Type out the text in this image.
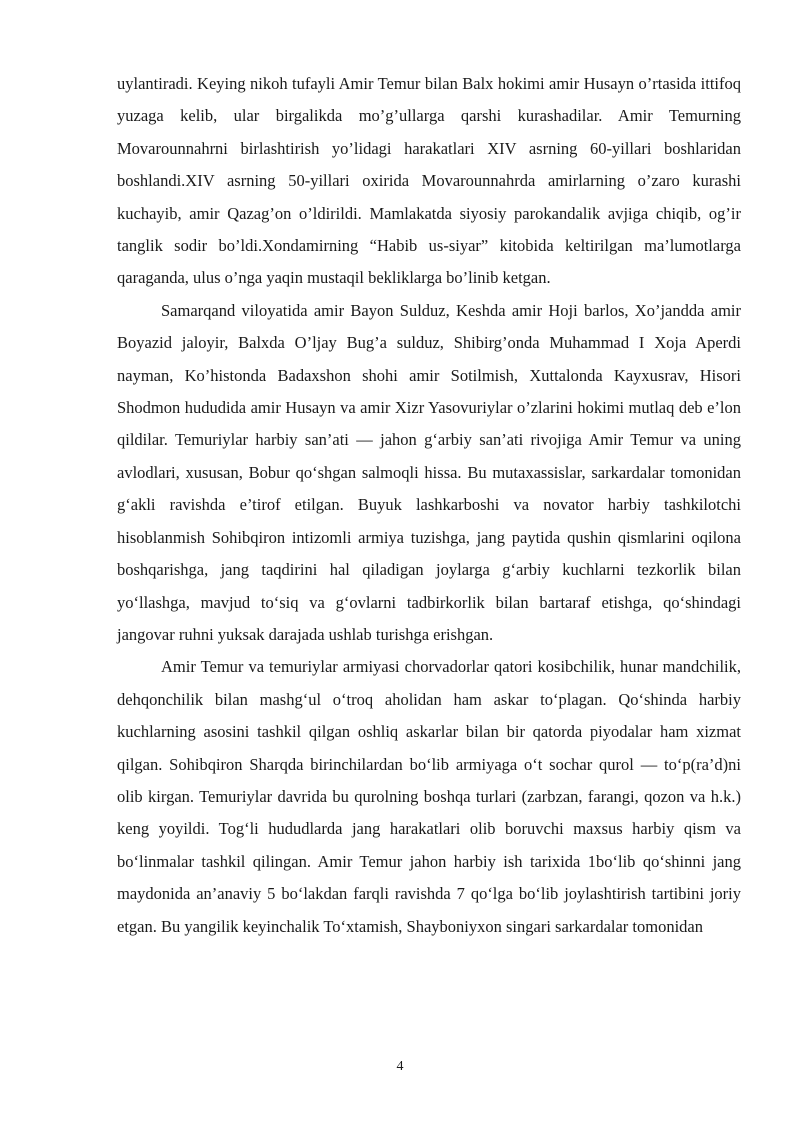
uylantiradi. Keying nikoh tufayli Amir Temur bilan Balx hokimi amir Husayn o’rtasida ittifoq yuzaga kelib, ular birgalikda mo’g’ullarga qarshi kurashadilar. Amir Temurning Movarounnahrni birlashtirish yo’lidagi harakatlari XIV asrning 60-yillari boshlaridan boshlandi.XIV asrning 50-yillari oxirida Movarounnahrda amirlarning o’zaro kurashi kuchayib, amir Qazag’on o’ldirildi. Mamlakatda siyosiy parokandalik avjiga chiqib, og’ir tanglik sodir bo’ldi.Xondamirning “Habib us-siyar” kitobida keltirilgan ma’lumotlarga qaraganda, ulus o’nga yaqin mustaqil bekliklarga bo’linib ketgan.

Samarqand viloyatida amir Bayon Sulduz, Keshda amir Hoji barlos, Xo’jandda amir Boyazid jaloyir, Balxda O’ljay Bug’a sulduz, Shibirg’onda Muhammad I Xoja Aperdi nayman, Ko’histonda Badaxshon shohi amir Sotilmish, Xuttalonda Kayxusrav, Hisori Shodmon hududida amir Husayn va amir Xizr Yasovuriylar o’zlarini hokimi mutlaq deb e’lon qildilar. Temuriylar harbiy san’ati — jahon g‘arbiy san’ati rivojiga Amir Temur va uning avlodlari, xususan, Bobur qo‘shgan salmoqli hissa. Bu mutaxassislar, sarkardalar tomonidan g‘akli ravishda e’tirof etilgan. Buyuk lashkarboshi va novator harbiy tashkilotchi hisoblanmish Sohibqiron intizomli armiya tuzishga, jang paytida qushin qismlarini oqilona boshqarishga, jang taqdirini hal qiladigan joylarga g‘arbiy kuchlarni tezkorlik bilan yo‘llashga, mavjud to‘siq va g‘ovlarni tadbirkorlik bilan bartaraf etishga, qo‘shindagi jangovar ruhni yuksak darajada ushlab turishga erishgan.

Amir Temur va temuriylar armiyasi chorvadorlar qatori kosibchilik, hunar mandchilik, dehqonchilik bilan mashg‘ul o‘troq aholidan ham askar to‘plagan. Qo‘shinda harbiy kuchlarning asosini tashkil qilgan oshliq askarlar bilan bir qatorda piyodalar ham xizmat qilgan. Sohibqiron Sharqda birinchilardan bo‘lib armiyaga o‘t sochar qurol — to‘p(ra’d)ni olib kirgan. Temuriylar davrida bu qurolning boshqa turlari (zarbzan, farangi, qozon va h.k.) keng yoyildi. Tog‘li hududlarda jang harakatlari olib boruvchi maxsus harbiy qism va bo‘linmalar tashkil qilingan. Amir Temur jahon harbiy ish tarixida 1bo‘lib qo‘shinni jang maydonida an’anaviy 5 bo‘lakdan farqli ravishda 7 qo‘lga bo‘lib joylashtirish tartibini joriy etgan. Bu yangilik keyinchalik To‘xtamish, Shayboniyxon singari sarkardalar tomonidan

4
